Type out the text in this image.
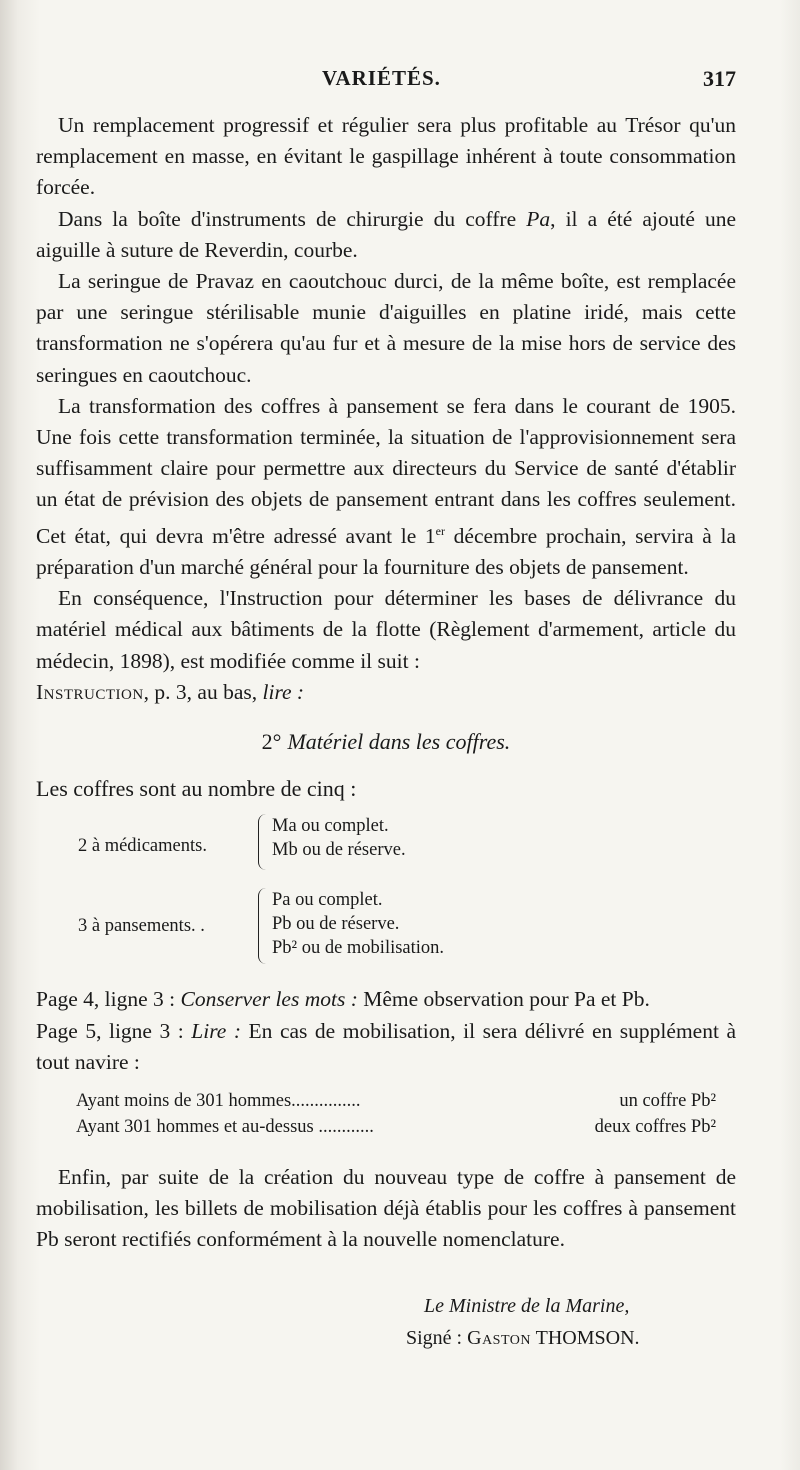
VARIÉTÉS.	317

Un remplacement progressif et régulier sera plus profitable au Trésor qu'un remplacement en masse, en évitant le gaspillage inhérent à toute consommation forcée.

Dans la boîte d'instruments de chirurgie du coffre Pa, il a été ajouté une aiguille à suture de Reverdin, courbe.

La seringue de Pravaz en caoutchouc durci, de la même boîte, est remplacée par une seringue stérilisable munie d'aiguilles en platine iridé, mais cette transformation ne s'opérera qu'au fur et à mesure de la mise hors de service des seringues en caoutchouc.

La transformation des coffres à pansement se fera dans le courant de 1905. Une fois cette transformation terminée, la situation de l'approvisionnement sera suffisamment claire pour permettre aux directeurs du Service de santé d'établir un état de prévision des objets de pansement entrant dans les coffres seulement. Cet état, qui devra m'être adressé avant le 1er décembre prochain, servira à la préparation d'un marché général pour la fourniture des objets de pansement.

En conséquence, l'Instruction pour déterminer les bases de délivrance du matériel médical aux bâtiments de la flotte (Règlement d'armement, article du médecin, 1898), est modifiée comme il suit :

Instruction, p. 3, au bas, lire :

2° Matériel dans les coffres.

Les coffres sont au nombre de cinq :

2 à médicaments.
Ma ou complet.
Mb ou de réserve.
3 à pansements. .
Pa ou complet.
Pb ou de réserve.
Pb² ou de mobilisation.

Page 4, ligne 3 : Conserver les mots : Même observation pour Pa et Pb.

Page 5, ligne 3 : Lire : En cas de mobilisation, il sera délivré en supplément à tout navire :

Ayant moins de 301 hommes...............	un coffre Pb²
Ayant 301 hommes et au-dessus ............	deux coffres Pb²

Enfin, par suite de la création du nouveau type de coffre à pansement de mobilisation, les billets de mobilisation déjà établis pour les coffres à pansement Pb seront rectifiés conformément à la nouvelle nomenclature.

Le Ministre de la Marine,
Signé : Gaston THOMSON.
